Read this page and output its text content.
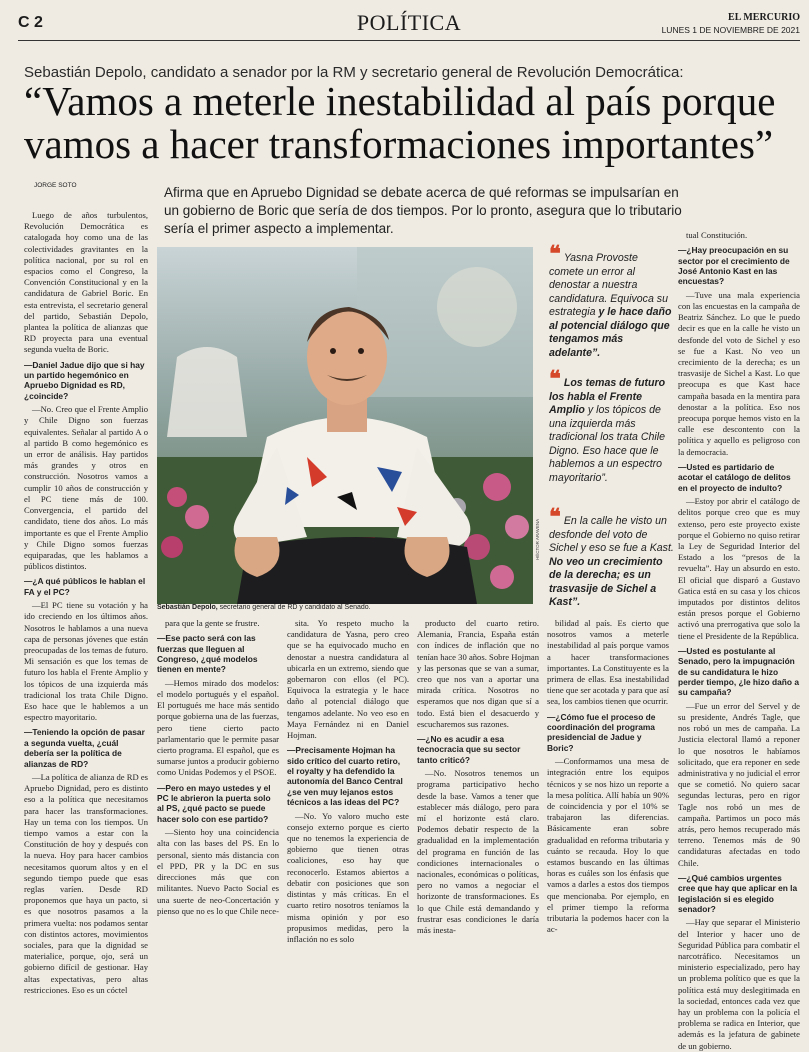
C 2	POLÍTICA	EL MERCURIO
LUNES 1 DE NOVIEMBRE DE 2021
Sebastián Depolo, candidato a senador por la RM y secretario general de Revolución Democrática:
“Vamos a meterle inestabilidad al país porque
vamos a hacer transformaciones importantes”
JORGE SOTO	Afirma que en Apruebo Dignidad se debate acerca de qué reformas se impulsarían en un gobierno de Boric que sería de dos tiempos. Por lo pronto, asegura que lo tributario sería el primer aspecto a implementar.

Luego de años turbulentos, Revolución Democrática es catalogada hoy como una de las colectividades gravitantes en la política nacional, por su rol en espacios como el Congreso, la Convención Constitucional y en la candidatura de Gabriel Boric. En esta entrevista, el secretario general del partido, Sebastián Depolo, plantea la política de alianzas que RD proyecta para una eventual segunda vuelta de Boric.

—Daniel Jadue dijo que si hay un partido hegemónico en Apruebo Dignidad es RD, ¿coincide?

—No. Creo que el Frente Amplio y Chile Digno son fuerzas equivalentes. Señalar al partido A o al partido B como hegemónico es un error de análisis. Hay partidos más grandes y otros en construcción. Nosotros vamos a cumplir 10 años de construcción y el PC tiene más de 100. Convergencia, el partido del candidato, tiene dos años. Lo más importante es que el Frente Amplio y Chile Digno somos fuerzas equiparadas, que les hablamos a públicos distintos.

—¿A qué públicos le hablan el FA y el PC?

—El PC tiene su votación y ha ido creciendo en los últimos años. Nosotros le hablamos a una nueva capa de personas jóvenes que están preocupadas de los temas de futuro. Mi sensación es que los temas de futuro los habla el Frente Amplio y los tópicos de una izquierda más tradicional los trata Chile Digno. Eso hace que le hablemos a un espectro mayoritario.

—Teniendo la opción de pasar a segunda vuelta, ¿cuál debería ser la política de alianzas de RD?

—La política de alianza de RD es Apruebo Dignidad, pero es distinto eso a la política que necesitamos para hacer las transformaciones. Hay un tema con los tiempos. Un tiempo vamos a estar con la Constitución de hoy y después con la nueva. Hoy para hacer cambios necesitamos quorum altos y en el segundo tiempo puede que esas reglas varíen. Desde RD proponemos que haya un pacto, si es que nosotros pasamos a la primera vuelta: nos podamos sentar con distintos actores, movimientos sociales, para que la dignidad se materialice, porque, ojo, será un gobierno difícil de gestionar. Hay altas expectativas, pero altas restricciones. Eso es un cóctel

para que la gente se frustre.

—Ese pacto será con las fuerzas que lleguen al Congreso, ¿qué modelos tienen en mente?

—Hemos mirado dos modelos: el modelo portugués y el español. El portugués me hace más sentido porque gobierna una de las fuerzas, pero tiene cierto pacto parlamentario que le permite pasar cierto programa. El español, que es sumarse juntos a producir gobierno como Unidas Podemos y el PSOE.

—Pero en mayo ustedes y el PC le abrieron la puerta solo al PS, ¿qué pacto se puede hacer solo con ese partido?

—Siento hoy una coincidencia alta con las bases del PS. En lo personal, siento más distancia con el PPD, PR y la DC en sus direcciones más que con militantes. Nuevo Pacto Social es una suerte de neo-Concertación y pienso que no es lo que Chile nece-

sita. Yo respeto mucho la candidatura de Yasna, pero creo que se ha equivocado mucho en denostar a nuestra candidatura al ubicarla en un extremo, siendo que gobernaron con ellos (el PC). Equivoca la estrategia y le hace daño al potencial diálogo que tengamos adelante. No veo eso en Maya Fernández ni en Daniel Hojman.

—Precisamente Hojman ha sido crítico del cuarto retiro, el royalty y ha defendido la autonomía del Banco Central ¿se ven muy lejanos estos técnicos a las ideas del PC?

—No. Yo valoro mucho este consejo externo porque es cierto que no tenemos la experiencia de gobierno que tienen otras coaliciones, eso hay que reconocerlo. Estamos abiertos a debatir con posiciones que son distintas y más críticas. En el cuarto retiro nosotros teníamos la misma opinión y por eso propusimos medidas, pero la inflación no es solo

producto del cuarto retiro. Alemania, Francia, España están con índices de inflación que no tenían hace 30 años. Sobre Hojman y las personas que se van a sumar, creo que nos van a aportar una mirada crítica. Nosotros no esperamos que nos digan que sí a todo. Está bien el desacuerdo y escucharemos sus razones.

—¿No es acudir a esa tecnocracia que su sector tanto criticó?

—No. Nosotros tenemos un programa participativo hecho desde la base. Vamos a tener que establecer más diálogo, pero para mí el horizonte está claro. Podemos debatir respecto de la gradualidad en la implementación del programa en función de las condiciones internacionales o nacionales, económicas o políticas, pero no vamos a negociar el horizonte de transformaciones. Es lo que Chile está demandando y frustrar esas condiciones le daría más inesta-

bilidad al país. Es cierto que nosotros vamos a meterle inestabilidad al país porque vamos a hacer transformaciones importantes. La Constituyente es la primera de ellas. Esa inestabilidad tiene que ser acotada y para que así sea, los cambios tienen que ocurrir.

—¿Cómo fue el proceso de coordinación del programa presidencial de Jadue y Boric?

—Conformamos una mesa de integración entre los equipos técnicos y se nos hizo un reporte a la mesa política. Allí había un 90% de coincidencia y por el 10% se trabajaron las diferencias. Básicamente eran sobre gradualidad en reforma tributaria y cuánto se recauda. Hoy lo que estamos buscando en las últimas horas es cuáles son los énfasis que vamos a darles a estos dos tiempos que mencionaba. Por ejemplo, en el primer tiempo la reforma tributaria la podemos hacer con la ac-

tual Constitución.

—¿Hay preocupación en su sector por el crecimiento de José Antonio Kast en las encuestas?

—Tuve una mala experiencia con las encuestas en la campaña de Beatriz Sánchez. Lo que le puedo decir es que en la calle he visto un desfonde del voto de Sichel y eso se fue a Kast. No veo un crecimiento de la derecha; es un trasvasije de Sichel a Kast. Lo que preocupa es que Kast hace campaña basada en la mentira para denostar a la política. Eso nos preocupa porque hemos visto en la calle ese descontento con la política y aquello es peligroso con la democracia.

—Usted es partidario de acotar el catálogo de delitos en el proyecto de indulto?

—Estoy por abrir el catálogo de delitos porque creo que es muy extenso, pero este proyecto existe porque el Gobierno no quiso retirar la Ley de Seguridad Interior del Estado a los “presos de la revuelta”. Hay un absurdo en esto. El oficial que disparó a Gustavo Gatica está en su casa y los chicos imputados por distintos delitos están presos porque el Gobierno activó una prerrogativa que solo la tiene el Presidente de la República.

—Usted es postulante al Senado, pero la impugnación de su candidatura le hizo perder tiempo, ¿le hizo daño a su campaña?

—Fue un error del Servel y de su presidente, Andrés Tagle, que nos robó un mes de campaña. La Justicia electoral llamó a reponer lo que nosotros le habíamos solicitado, que era reponer en sede administrativa y no judicial el error que se cometió. No quiero sacar segundas lecturas, pero en rigor Tagle nos robó un mes de campaña. Partimos un poco más atrás, pero hemos recuperado más terreno. Tenemos más de 90 candidaturas afectadas en todo Chile.

—¿Qué cambios urgentes cree que hay que aplicar en la legislación si es elegido senador?

—Hay que separar el Ministerio del Interior y hacer uno de Seguridad Pública para combatir el narcotráfico. Necesitamos un ministerio especializado, pero hay un problema político que es que la política está muy deslegitimada en la sociedad, entonces cada vez que hay un problema con la policía el problema se radica en Interior, que además es la jefatura de gabinete de un gobierno.

HÉCTOR ARAVENA
Sebastián Depolo, secretario general de RD y candidato al Senado.
❝ Yasna Provoste comete un error al denostar a nuestra candidatura. Equivoca su estrategia y le hace daño al potencial diálogo que tengamos más adelante”.
❝ Los temas de futuro los habla el Frente Amplio y los tópicos de una izquierda más tradicional los trata Chile Digno. Eso hace que le hablemos a un espectro mayoritario”.
❝ En la calle he visto un desfonde del voto de Sichel y eso se fue a Kast. No veo un crecimiento de la derecha; es un trasvasije de Sichel a Kast”.
